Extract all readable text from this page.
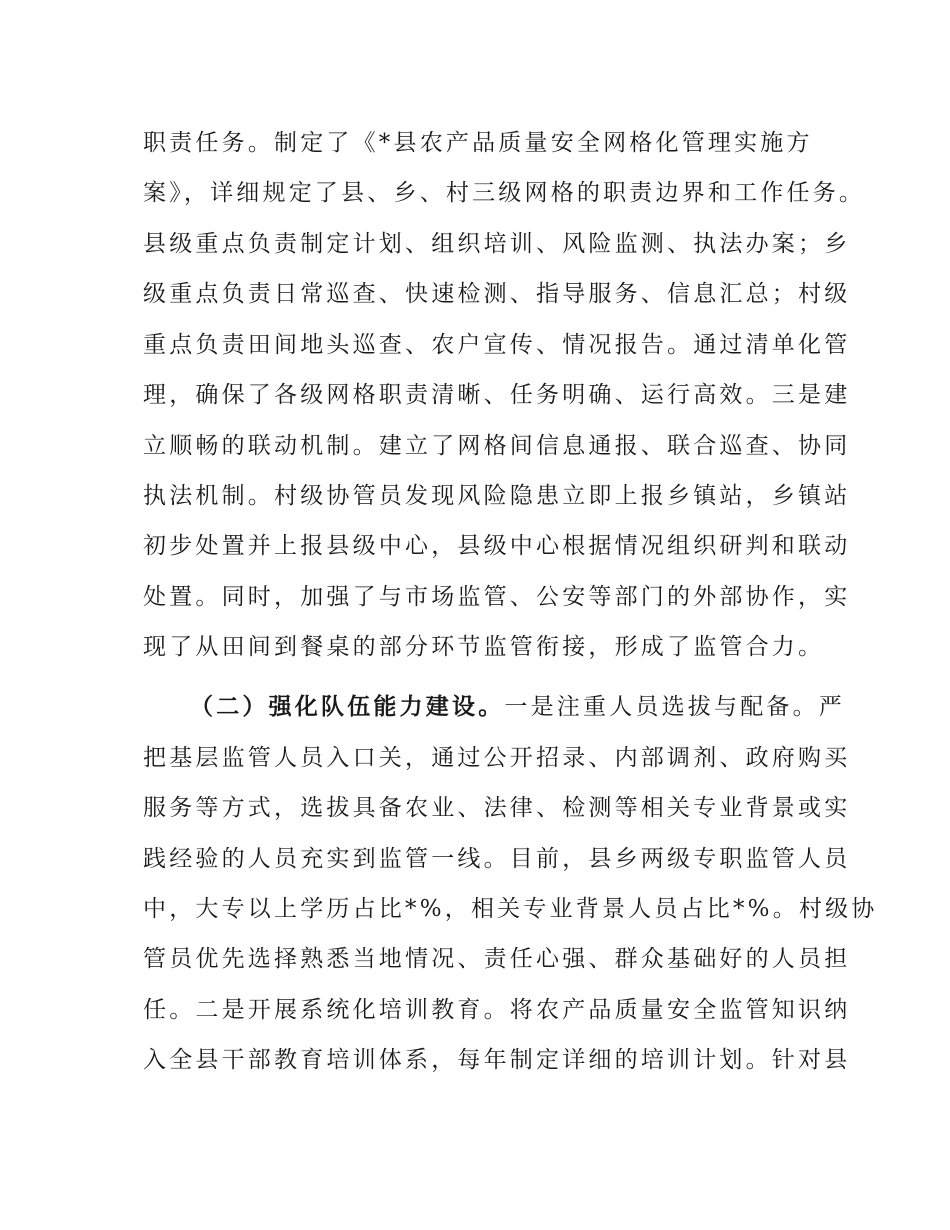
职责任务。制定了《*县农产品质量安全网格化管理实施方
案》，详细规定了县、乡、村三级网格的职责边界和工作任务。
县级重点负责制定计划、组织培训、风险监测、执法办案；乡
级重点负责日常巡查、快速检测、指导服务、信息汇总；村级
重点负责田间地头巡查、农户宣传、情况报告。通过清单化管
理，确保了各级网格职责清晰、任务明确、运行高效。三是建
立顺畅的联动机制。建立了网格间信息通报、联合巡查、协同
执法机制。村级协管员发现风险隐患立即上报乡镇站，乡镇站
初步处置并上报县级中心，县级中心根据情况组织研判和联动
处置。同时，加强了与市场监管、公安等部门的外部协作，实
现了从田间到餐桌的部分环节监管衔接，形成了监管合力。
（二）强化队伍能力建设。一是注重人员选拔与配备。严
把基层监管人员入口关，通过公开招录、内部调剂、政府购买
服务等方式，选拔具备农业、法律、检测等相关专业背景或实
践经验的人员充实到监管一线。目前，县乡两级专职监管人员
中，大专以上学历占比*%，相关专业背景人员占比*%。村级协
管员优先选择熟悉当地情况、责任心强、群众基础好的人员担
任。二是开展系统化培训教育。将农产品质量安全监管知识纳
入全县干部教育培训体系，每年制定详细的培训计划。针对县
